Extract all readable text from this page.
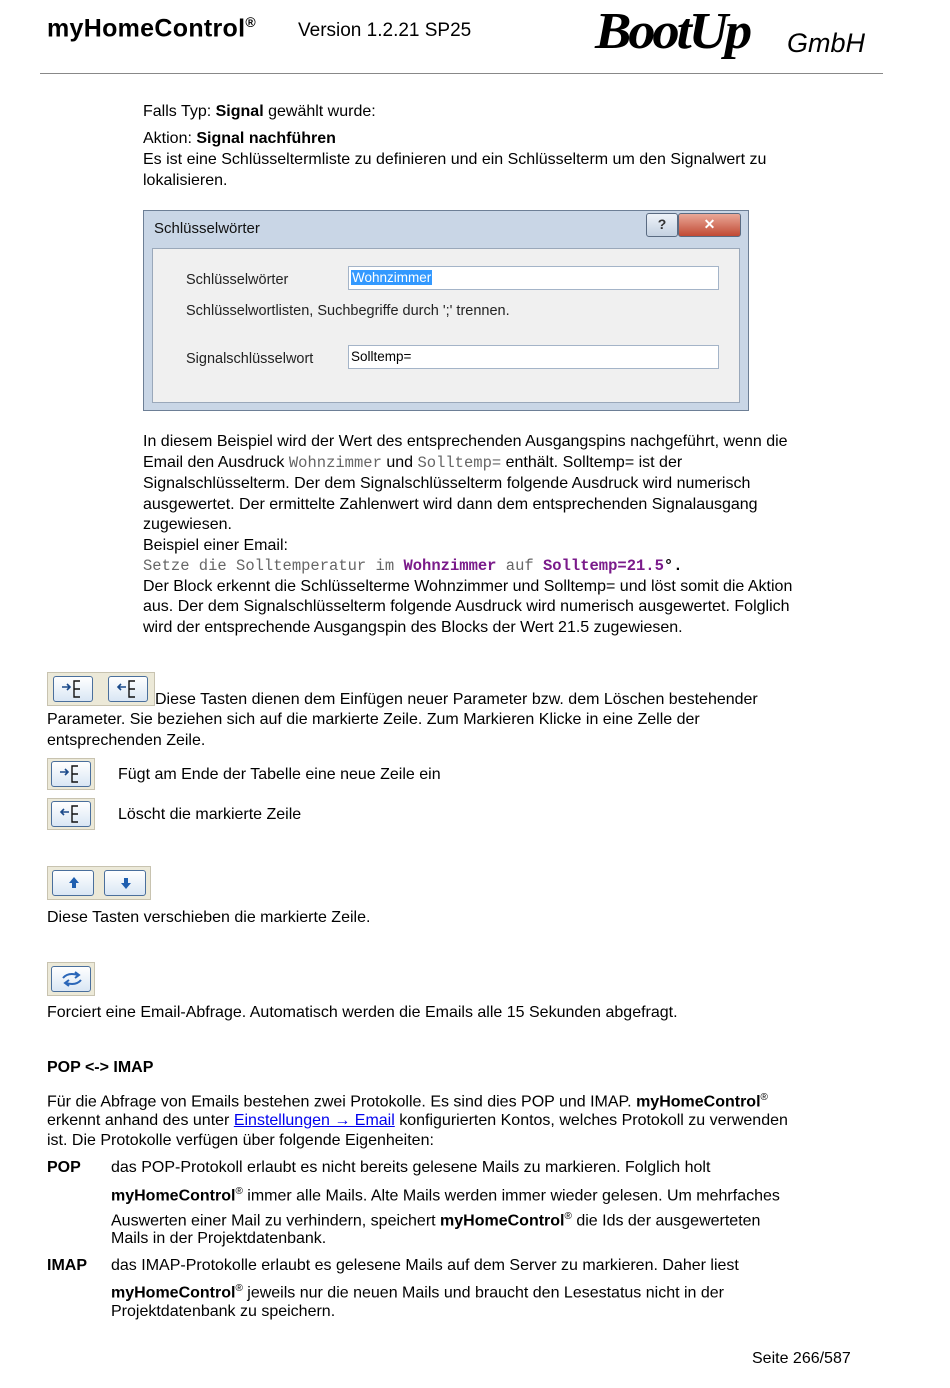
myHomeControl® Version 1.2.21 SP25 BootUp GmbH
Falls Typ: Signal gewählt wurde:
Aktion: Signal nachführen
Es ist eine Schlüsseltermliste zu definieren und ein Schlüsselterm um den Signalwert zu
lokalisieren.
Schlüsselwörter	?	✕
Schlüsselwörter	Wohnzimmer
Schlüsselwortlisten, Suchbegriffe durch ';' trennen.
Signalschlüsselwort	Solltemp=
In diesem Beispiel wird der Wert des entsprechenden Ausgangspins nachgeführt, wenn die
Email den Ausdruck Wohnzimmer und Solltemp= enthält. Solltemp= ist der
Signalschlüsselterm. Der dem Signalschlüsselterm folgende Ausdruck wird numerisch
ausgewertet. Der ermittelte Zahlenwert wird dann dem entsprechenden Signalausgang
zugewiesen.
Beispiel einer Email:
Setze die Solltemperatur im Wohnzimmer auf Solltemp=21.5°.
Der Block erkennt die Schlüsselterme Wohnzimmer und Solltemp= und löst somit die Aktion
aus. Der dem Signalschlüsselterm folgende Ausdruck wird numerisch ausgewertet. Folglich
wird der entsprechende Ausgangspin des Blocks der Wert 21.5 zugewiesen.
Diese Tasten dienen dem Einfügen neuer Parameter bzw. dem Löschen bestehender
Parameter. Sie beziehen sich auf die markierte Zeile. Zum Markieren Klicke in eine Zelle der
entsprechenden Zeile.
Fügt am Ende der Tabelle eine neue Zeile ein
Löscht die markierte Zeile
Diese Tasten verschieben die markierte Zeile.
Forciert eine Email-Abfrage. Automatisch werden die Emails alle 15 Sekunden abgefragt.
POP <-> IMAP
Für die Abfrage von Emails bestehen zwei Protokolle. Es sind dies POP und IMAP. myHomeControl®
erkennt anhand des unter Einstellungen → Email konfigurierten Kontos, welches Protokoll zu verwenden
ist. Die Protokolle verfügen über folgende Eigenheiten:
POP das POP-Protokoll erlaubt es nicht bereits gelesene Mails zu markieren. Folglich holt
myHomeControl® immer alle Mails. Alte Mails werden immer wieder gelesen. Um mehrfaches
Auswerten einer Mail zu verhindern, speichert myHomeControl® die Ids der ausgewerteten
Mails in der Projektdatenbank.
IMAP das IMAP-Protokolle erlaubt es gelesene Mails auf dem Server zu markieren. Daher liest
myHomeControl® jeweils nur die neuen Mails und braucht den Lesestatus nicht in der
Projektdatenbank zu speichern.
Seite 266/587
